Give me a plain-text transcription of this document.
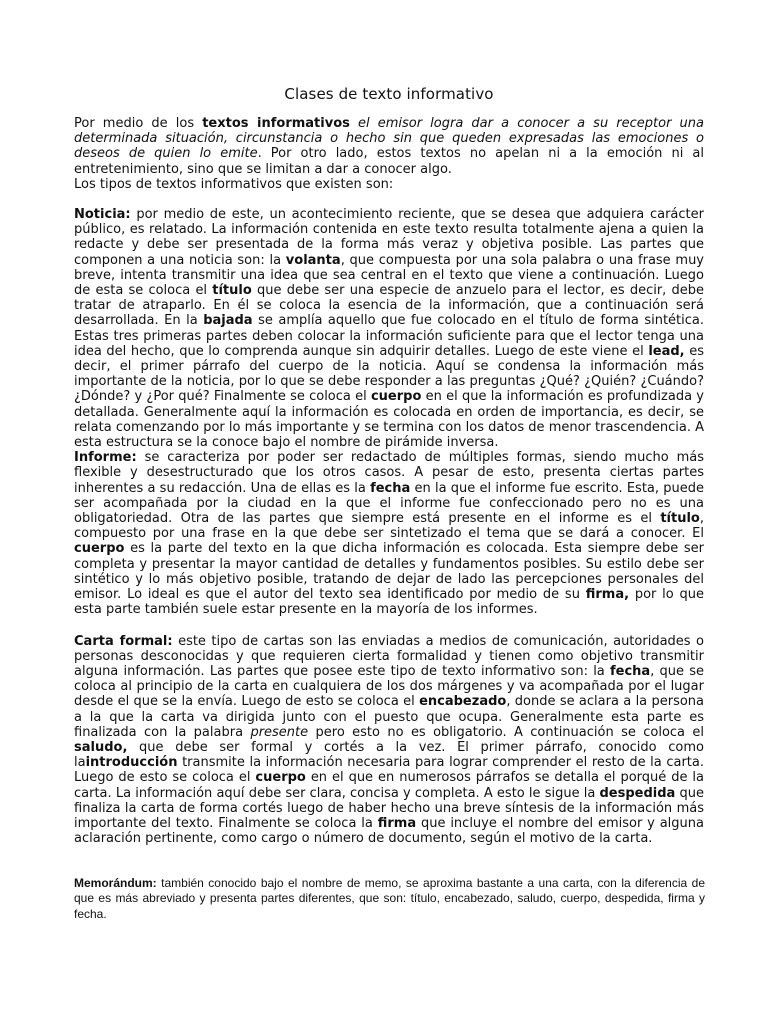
Clases de texto informativo

Por medio de los textos informativos el emisor logra dar a conocer a su receptor una determinada situación, circunstancia o hecho sin que queden expresadas las emociones o deseos de quien lo emite. Por otro lado, estos textos no apelan ni a la emoción ni al entretenimiento, sino que se limitan a dar a conocer algo.

Los tipos de textos informativos que existen son:

Noticia: por medio de este, un acontecimiento reciente, que se desea que adquiera carácter público, es relatado. La información contenida en este texto resulta totalmente ajena a quien la redacte y debe ser presentada de la forma más veraz y objetiva posible. Las partes que componen a una noticia son: la volanta, que compuesta por una sola palabra o una frase muy breve, intenta transmitir una idea que sea central en el texto que viene a continuación. Luego de esta se coloca el título que debe ser una especie de anzuelo para el lector, es decir, debe tratar de atraparlo. En él se coloca la esencia de la información, que a continuación será desarrollada. En la bajada se amplía aquello que fue colocado en el título de forma sintética. Estas tres primeras partes deben colocar la información suficiente para que el lector tenga una idea del hecho, que lo comprenda aunque sin adquirir detalles. Luego de este viene el lead, es decir, el primer párrafo del cuerpo de la noticia. Aquí se condensa la información más importante de la noticia, por lo que se debe responder a las preguntas ¿Qué? ¿Quién? ¿Cuándo? ¿Dónde? y ¿Por qué? Finalmente se coloca el cuerpo en el que la información es profundizada y detallada. Generalmente aquí la información es colocada en orden de importancia, es decir, se relata comenzando por lo más importante y se termina con los datos de menor trascendencia. A esta estructura se la conoce bajo el nombre de pirámide inversa.

Informe: se caracteriza por poder ser redactado de múltiples formas, siendo mucho más flexible y desestructurado que los otros casos. A pesar de esto, presenta ciertas partes inherentes a su redacción. Una de ellas es la fecha en la que el informe fue escrito. Esta, puede ser acompañada por la ciudad en la que el informe fue confeccionado pero no es una obligatoriedad. Otra de las partes que siempre está presente en el informe es el título, compuesto por una frase en la que debe ser sintetizado el tema que se dará a conocer. El cuerpo es la parte del texto en la que dicha información es colocada. Esta siempre debe ser completa y presentar la mayor cantidad de detalles y fundamentos posibles. Su estilo debe ser sintético y lo más objetivo posible, tratando de dejar de lado las percepciones personales del emisor. Lo ideal es que el autor del texto sea identificado por medio de su firma, por lo que esta parte también suele estar presente en la mayoría de los informes.

Carta formal: este tipo de cartas son las enviadas a medios de comunicación, autoridades o personas desconocidas y que requieren cierta formalidad y tienen como objetivo transmitir alguna información. Las partes que posee este tipo de texto informativo son: la fecha, que se coloca al principio de la carta en cualquiera de los dos márgenes y va acompañada por el lugar desde el que se la envía. Luego de esto se coloca el encabezado, donde se aclara a la persona a la que la carta va dirigida junto con el puesto que ocupa. Generalmente esta parte es finalizada con la palabra presente pero esto no es obligatorio. A continuación se coloca el saludo, que debe ser formal y cortés a la vez. El primer párrafo, conocido como laintroducción transmite la información necesaria para lograr comprender el resto de la carta. Luego de esto se coloca el cuerpo en el que en numerosos párrafos se detalla el porqué de la carta. La información aquí debe ser clara, concisa y completa. A esto le sigue la despedida que finaliza la carta de forma cortés luego de haber hecho una breve síntesis de la información más importante del texto. Finalmente se coloca la firma que incluye el nombre del emisor y alguna aclaración pertinente, como cargo o número de documento, según el motivo de la carta.

Memorándum: también conocido bajo el nombre de memo, se aproxima bastante a una carta, con la diferencia de que es más abreviado y presenta partes diferentes, que son: título, encabezado, saludo, cuerpo, despedida, firma y fecha.
